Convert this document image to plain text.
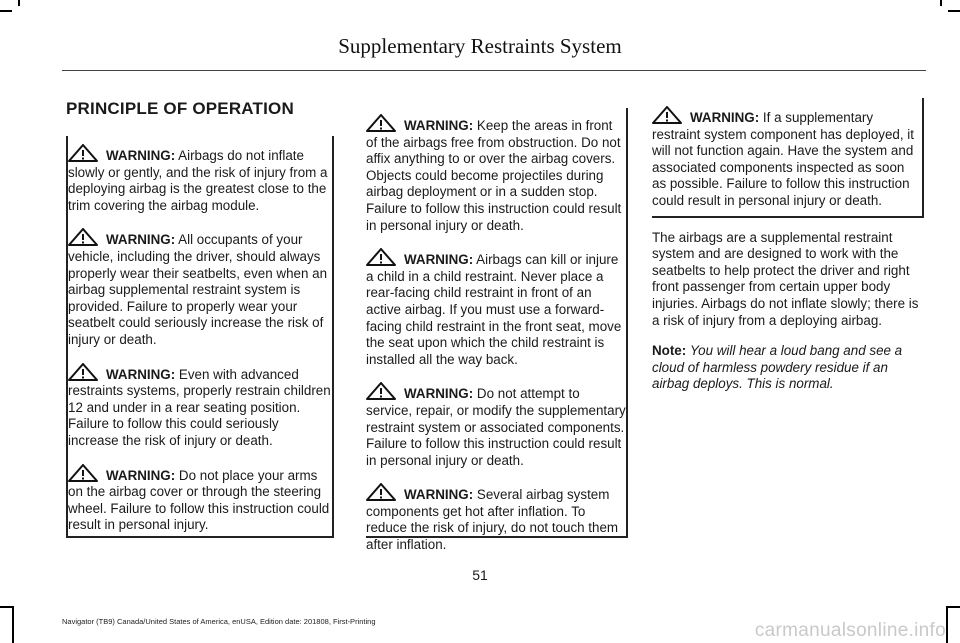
Supplementary Restraints System
PRINCIPLE OF OPERATION

WARNING: Airbags do not inflate slowly or gently, and the risk of injury from a deploying airbag is the greatest close to the trim covering the airbag module.

WARNING: All occupants of your vehicle, including the driver, should always properly wear their seatbelts, even when an airbag supplemental restraint system is provided. Failure to properly wear your seatbelt could seriously increase the risk of injury or death.

WARNING: Even with advanced restraints systems, properly restrain children 12 and under in a rear seating position. Failure to follow this could seriously increase the risk of injury or death.

WARNING: Do not place your arms on the airbag cover or through the steering wheel. Failure to follow this instruction could result in personal injury.

WARNING: Keep the areas in front of the airbags free from obstruction. Do not affix anything to or over the airbag covers. Objects could become projectiles during airbag deployment or in a sudden stop. Failure to follow this instruction could result in personal injury or death.

WARNING: Airbags can kill or injure a child in a child restraint. Never place a rear-facing child restraint in front of an active airbag. If you must use a forward-facing child restraint in the front seat, move the seat upon which the child restraint is installed all the way back.

WARNING: Do not attempt to service, repair, or modify the supplementary restraint system or associated components. Failure to follow this instruction could result in personal injury or death.

WARNING: Several airbag system components get hot after inflation. To reduce the risk of injury, do not touch them after inflation.

WARNING: If a supplementary restraint system component has deployed, it will not function again. Have the system and associated components inspected as soon as possible. Failure to follow this instruction could result in personal injury or death.

The airbags are a supplemental restraint system and are designed to work with the seatbelts to help protect the driver and right front passenger from certain upper body injuries. Airbags do not inflate slowly; there is a risk of injury from a deploying airbag.

Note: You will hear a loud bang and see a cloud of harmless powdery residue if an airbag deploys. This is normal.

51
Navigator (TB9) Canada/United States of America, enUSA, Edition date: 201808, First-Printing	carmanualsonline.info
